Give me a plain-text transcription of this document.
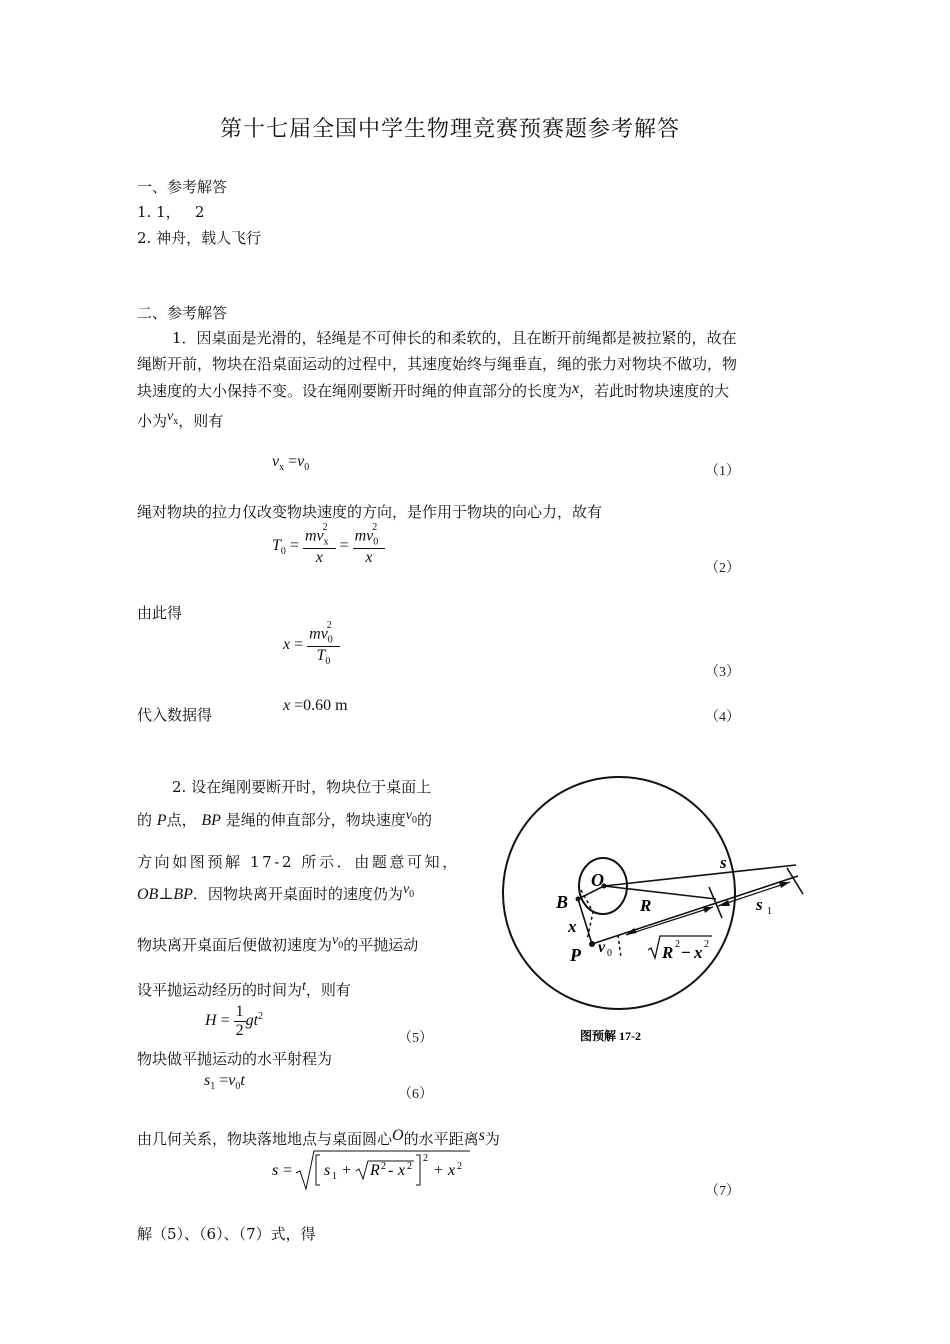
第十七届全国中学生物理竞赛预赛题参考解答
一、参考解答
1. 1，   2
2. 神舟，载人飞行
二、参考解答
1．因桌面是光滑的，轻绳是不可伸长的和柔软的，且在断开前绳都是被拉紧的，故在
绳断开前，物块在沿桌面运动的过程中，其速度始终与绳垂直，绳的张力对物块不做功，物
块速度的大小保持不变。设在绳刚要断开时绳的伸直部分的长度为x，若此时物块速度的大
小为$v_x$，则有
$v_x =v_0$	（1）
绳对物块的拉力仅改变物块速度的方向，是作用于物块的向心力，故有
$T_0 = \frac{mv_x^2}{x} = \frac{mv_0^2}{x}$
（2）
由此得
$x = \frac{mv_0^2}{T_0}$
（3）
代入数据得
x =0.60 m
（4）
2. 设在绳刚要断开时，物块位于桌面上
的 P点， BP 是绳的伸直部分，物块速度$v_0$的
方向如图预解 17-2 所示．由题意可知，
OB⊥BP．因物块离开桌面时的速度仍为$v_0$
物块离开桌面后便做初速度为$v_0$的平抛运动
设平抛运动经历的时间为t，则有
$H = \frac{1}{2} gt^2$
（5）
物块做平抛运动的水平射程为
$s_1 =v_0t$
（6）
由几何关系，物块落地地点与桌面圆心O的水平距离s为
s = s 1 + R 2 - x 2
2
+ x 2
（7）
解（5）、（6）、（7）式，得
O
B
x
P v 0
R
s
s 1
R 2 − x 2
图预解 17-2
